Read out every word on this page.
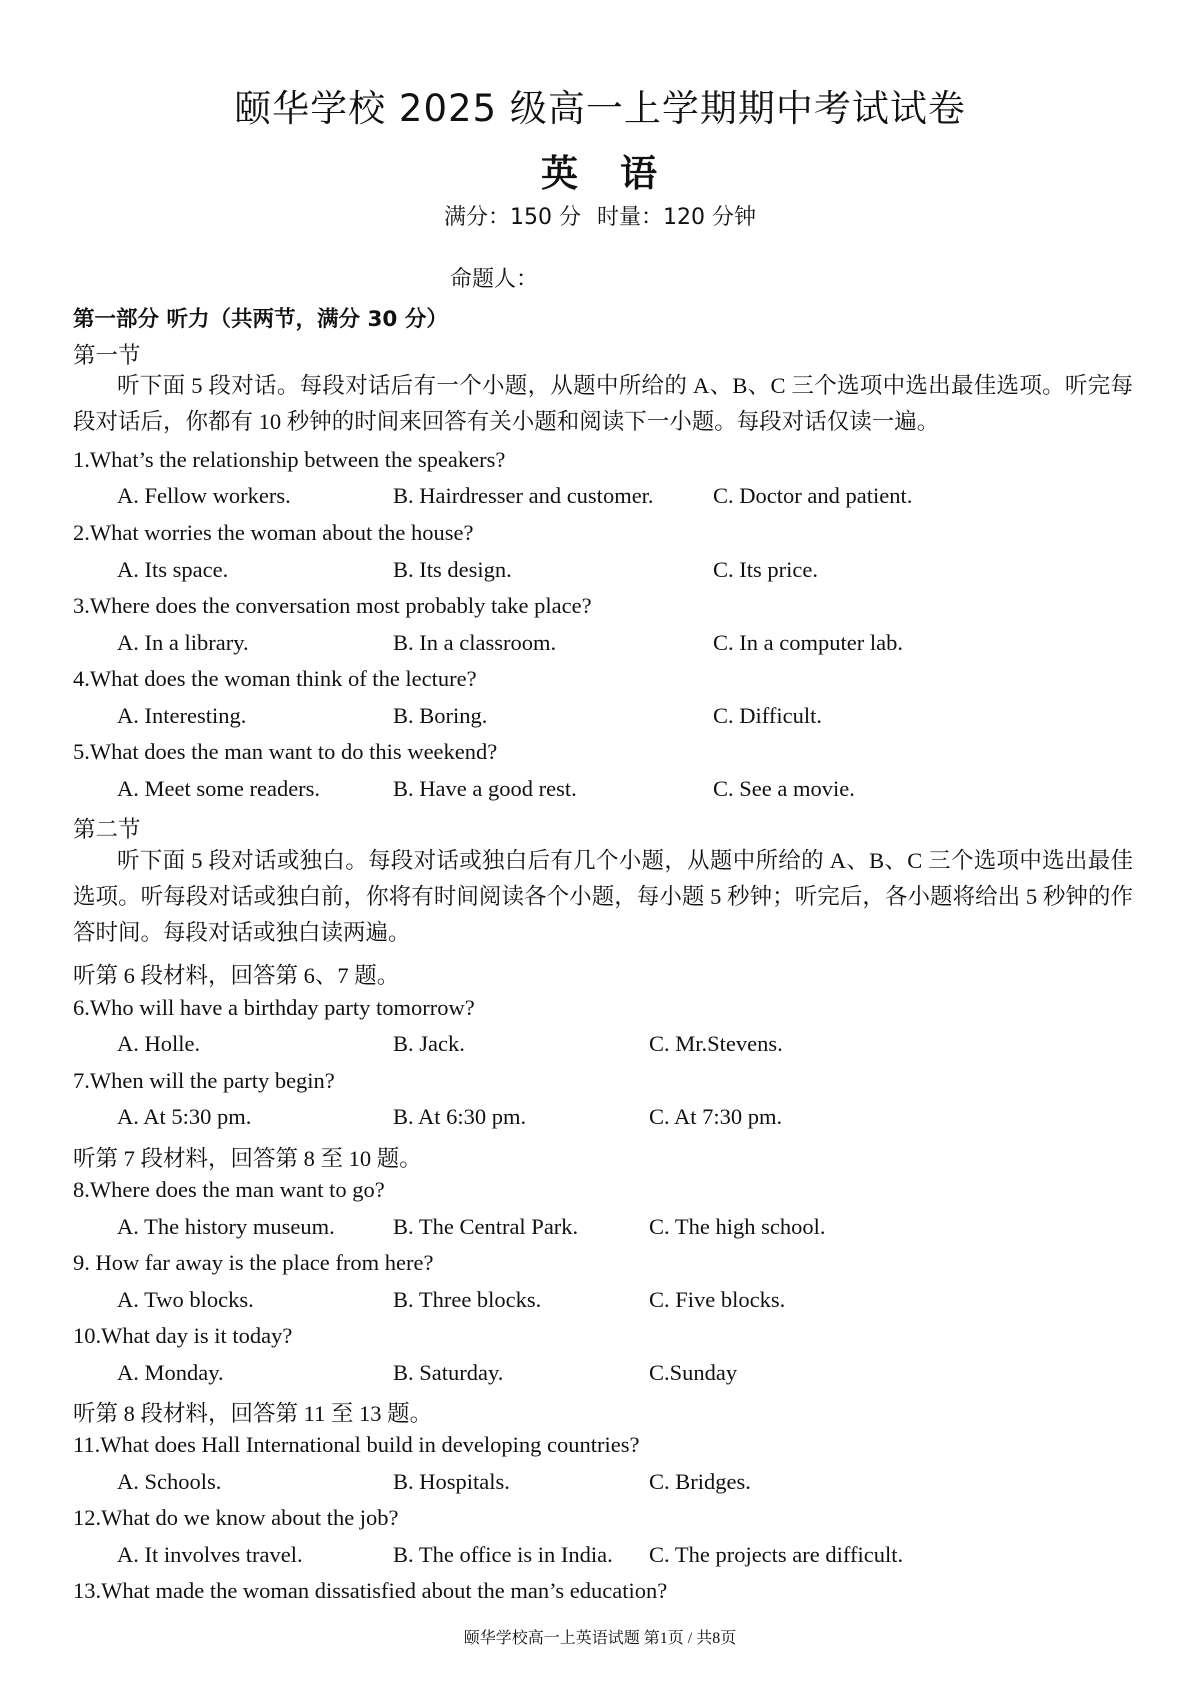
颐华学校 2025 级高一上学期期中考试试卷
英 语
满分：150 分 时量：120 分钟
命题人：
第一部分 听力（共两节，满分 30 分）
第一节
听下面 5 段对话。每段对话后有一个小题，从题中所给的 A、B、C 三个选项中选出最佳选项。听完每段对话后，你都有 10 秒钟的时间来回答有关小题和阅读下一小题。每段对话仅读一遍。
1.What’s the relationship between the speakers?
A. Fellow workers.	B. Hairdresser and customer.	C. Doctor and patient.
2.What worries the woman about the house?
A. Its space.	B. Its design.	C. Its price.
3.Where does the conversation most probably take place?
A. In a library.	B. In a classroom.	C. In a computer lab.
4.What does the woman think of the lecture?
A. Interesting.	B. Boring.	C. Difficult.
5.What does the man want to do this weekend?
A. Meet some readers.	B. Have a good rest.	C. See a movie.
第二节
听下面 5 段对话或独白。每段对话或独白后有几个小题，从题中所给的 A、B、C 三个选项中选出最佳选项。听每段对话或独白前，你将有时间阅读各个小题，每小题 5 秒钟；听完后，各小题将给出 5 秒钟的作答时间。每段对话或独白读两遍。
听第 6 段材料，回答第 6、7 题。
6.Who will have a birthday party tomorrow?
A. Holle.	B. Jack.	C. Mr.Stevens.
7.When will the party begin?
A. At 5:30 pm.	B. At 6:30 pm.	C. At 7:30 pm.
听第 7 段材料，回答第 8 至 10 题。
8.Where does the man want to go?
A. The history museum.	B. The Central Park.	C. The high school.
9. How far away is the place from here?
A. Two blocks.	B. Three blocks.	C. Five blocks.
10.What day is it today?
A. Monday.	B. Saturday.	C.Sunday
听第 8 段材料，回答第 11 至 13 题。
11.What does Hall International build in developing countries?
A. Schools.	B. Hospitals.	C. Bridges.
12.What do we know about the job?
A. It involves travel.	B. The office is in India. C. The projects are difficult.
13.What made the woman dissatisfied about the man’s education?
颐华学校高一上英语试题 第1页 / 共8页
